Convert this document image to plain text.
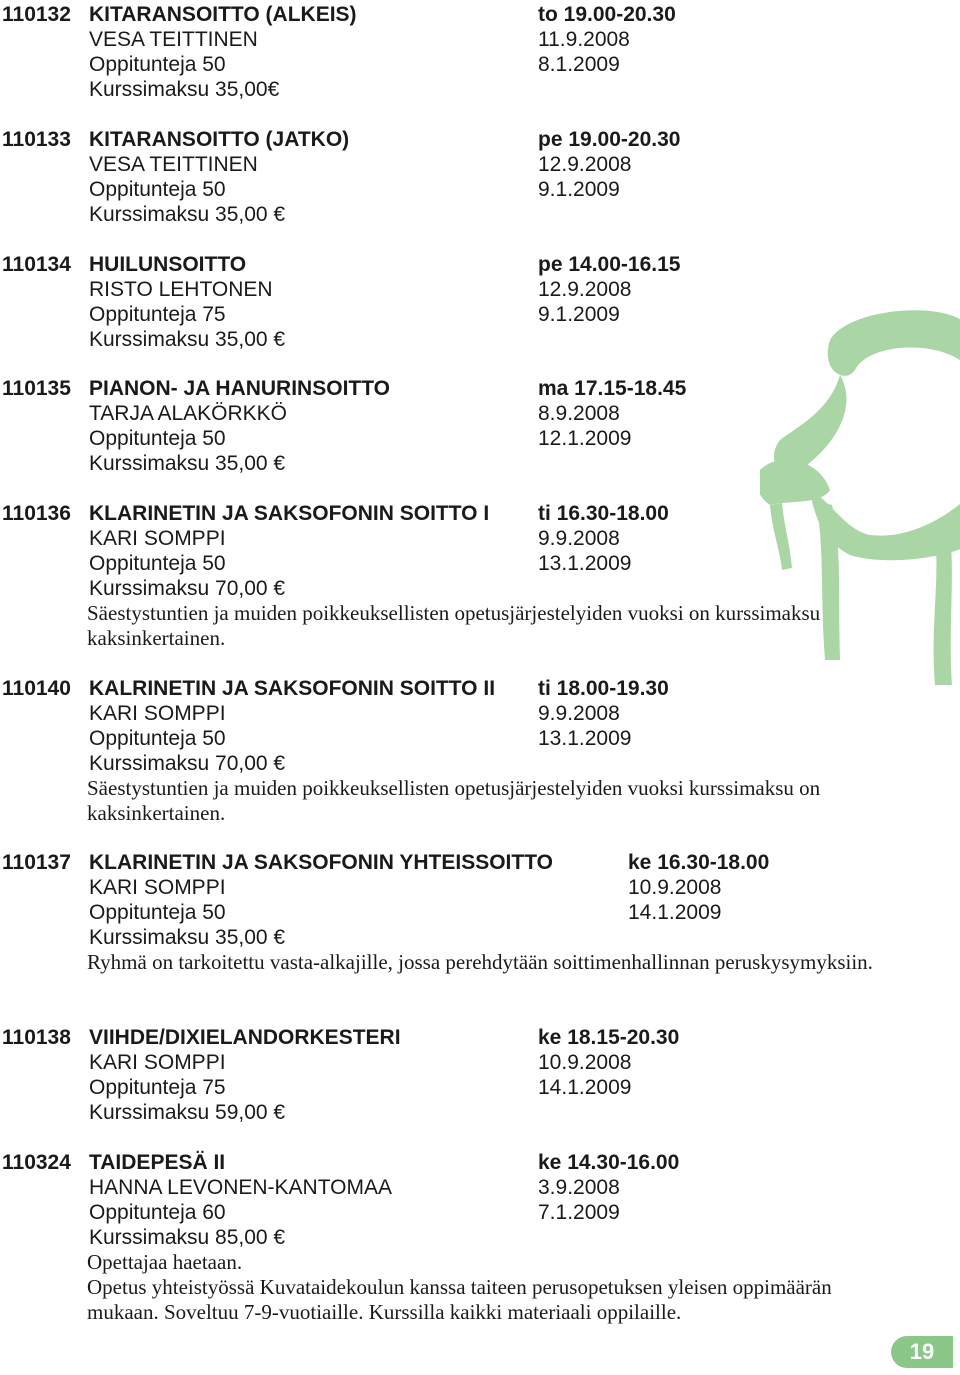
110132 KITARANSOITTO (ALKEIS)	to 19.00-20.30
VESA TEITTINEN	11.9.2008
Oppitunteja 50	8.1.2009
Kurssimaksu 35,00€
110133 KITARANSOITTO (JATKO)	pe 19.00-20.30
VESA TEITTINEN	12.9.2008
Oppitunteja 50	9.1.2009
Kurssimaksu 35,00 €
110134 HUILUNSOITTO	pe 14.00-16.15
RISTO LEHTONEN	12.9.2008
Oppitunteja 75	9.1.2009
Kurssimaksu 35,00 €
110135 PIANON- JA HANURINSOITTO	ma 17.15-18.45
TARJA ALAKÖRKKÖ	8.9.2008
Oppitunteja 50	12.1.2009
Kurssimaksu 35,00 €
110136 KLARINETIN JA SAKSOFONIN SOITTO I ti 16.30-18.00
KARI SOMPPI	9.9.2008
Oppitunteja 50	13.1.2009
Kurssimaksu 70,00 €
Säestystuntien ja muiden poikkeuksellisten opetusjärjestelyiden vuoksi on kurssimaksu kaksinkertainen.
110140 KALRINETIN JA SAKSOFONIN SOITTO II ti 18.00-19.30
KARI SOMPPI	9.9.2008
Oppitunteja 50	13.1.2009
Kurssimaksu 70,00 €
Säestystuntien ja muiden poikkeuksellisten opetusjärjestelyiden vuoksi kurssimaksu on kaksinkertainen.
110137 KLARINETIN JA SAKSOFONIN YHTEISSOITTO	ke 16.30-18.00
KARI SOMPPI	10.9.2008
Oppitunteja 50	14.1.2009
Kurssimaksu 35,00 €
Ryhmä on tarkoitettu vasta-alkajille, jossa perehdytään soittimenhallinnan peruskysymyksiin.
110138 VIIHDE/DIXIELANDORKESTERI	ke 18.15-20.30
KARI SOMPPI	10.9.2008
Oppitunteja 75	14.1.2009
Kurssimaksu 59,00 €
110324 TAIDEPESÄ II	ke 14.30-16.00
HANNA LEVONEN-KANTOMAA	3.9.2008
Oppitunteja 60	7.1.2009
Kurssimaksu 85,00 €
Opettajaa haetaan.
Opetus yhteistyössä Kuvataidekoulun kanssa taiteen perusopetuksen yleisen oppimäärän mukaan. Soveltuu 7-9-vuotiaille. Kurssilla kaikki materiaali oppilaille.
19
